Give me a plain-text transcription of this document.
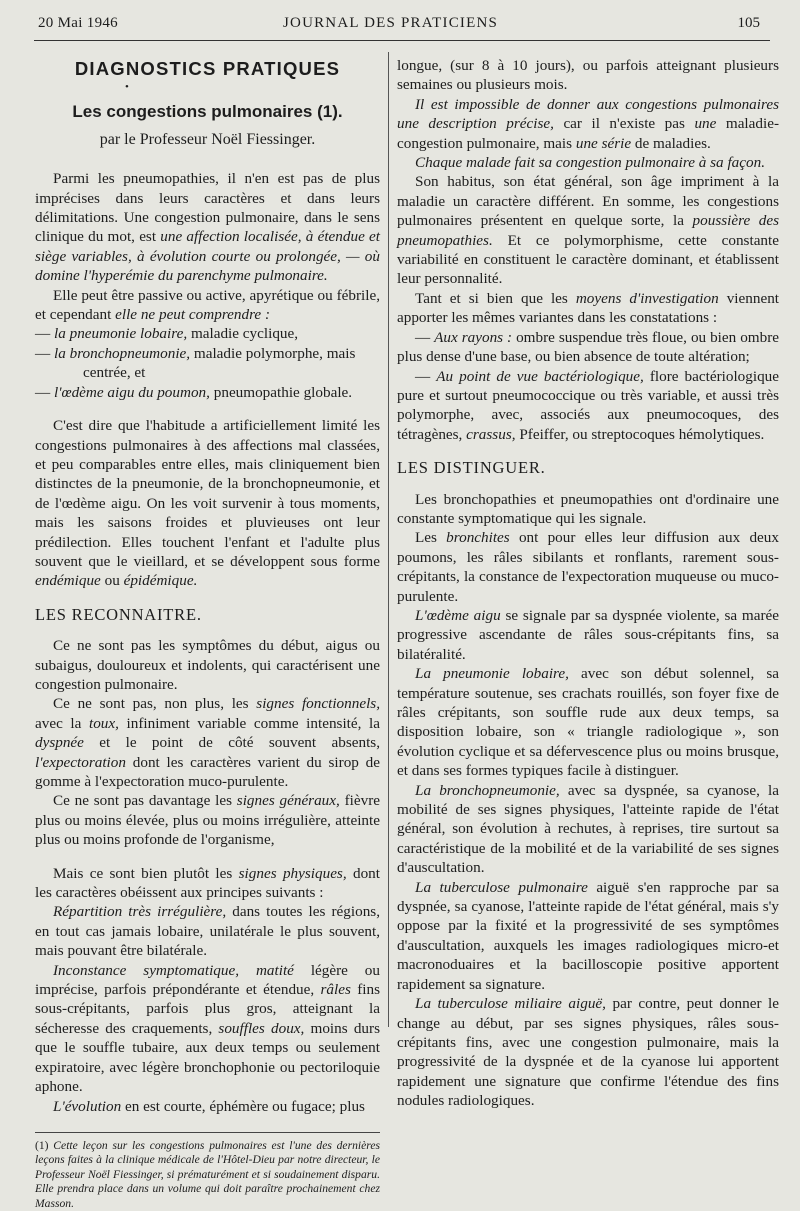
20 Mai 1946	JOURNAL DES PRATICIENS	105
DIAGNOSTICS PRATIQUES
•
Les congestions pulmonaires (1).
par le Professeur Noël Fiessinger.

Parmi les pneumopathies, il n'en est pas de plus imprécises dans leurs caractères et dans leurs délimitations. Une congestion pulmonaire, dans le sens clinique du mot, est une affection localisée, à étendue et siège variables, à évolution courte ou prolongée, — où domine l'hyperémie du parenchyme pulmonaire.

Elle peut être passive ou active, apyrétique ou fébrile, et cependant elle ne peut comprendre :

— la pneumonie lobaire, maladie cyclique,

— la bronchopneumonie, maladie polymorphe, mais

centrée, et

— l'œdème aigu du poumon, pneumopathie globale.

C'est dire que l'habitude a artificiellement limité les congestions pulmonaires à des affections mal classées, et peu comparables entre elles, mais cliniquement bien distinctes de la pneumonie, de la bronchopneumonie, et de l'œdème aigu. On les voit survenir à tous moments, mais les saisons froides et pluvieuses ont leur prédilection. Elles touchent l'enfant et l'adulte plus souvent que le vieillard, et se développent sous forme endémique ou épidémique.

LES RECONNAITRE.

Ce ne sont pas les symptômes du début, aigus ou subaigus, douloureux et indolents, qui caractérisent une congestion pulmonaire.

Ce ne sont pas, non plus, les signes fonctionnels, avec la toux, infiniment variable comme intensité, la dyspnée et le point de côté souvent absents, l'expectoration dont les caractères varient du sirop de gomme à l'expectoration muco-purulente.

Ce ne sont pas davantage les signes généraux, fièvre plus ou moins élevée, plus ou moins irrégulière, atteinte plus ou moins profonde de l'organisme,

Mais ce sont bien plutôt les signes physiques, dont les caractères obéissent aux principes suivants :

Répartition très irrégulière, dans toutes les régions, en tout cas jamais lobaire, unilatérale le plus souvent, mais pouvant être bilatérale.

Inconstance symptomatique, matité légère ou imprécise, parfois prépondérante et étendue, râles fins sous-crépitants, parfois plus gros, atteignant la sécheresse des craquements, souffles doux, moins durs que le souffle tubaire, aux deux temps ou seulement expiratoire, avec légère bronchophonie ou pectoriloquie aphone.

L'évolution en est courte, éphémère ou fugace; plus

(1) Cette leçon sur les congestions pulmonaires est l'une des dernières leçons faites à la clinique médicale de l'Hôtel-Dieu par notre directeur, le Professeur Noël Fiessinger, si prématurément et si soudainement disparu. Elle prendra place dans un volume qui doit paraître prochainement chez Masson.

longue, (sur 8 à 10 jours), ou parfois atteignant plusieurs semaines ou plusieurs mois.

Il est impossible de donner aux congestions pulmonaires une description précise, car il n'existe pas une maladie-congestion pulmonaire, mais une série de maladies.

Chaque malade fait sa congestion pulmonaire à sa façon.

Son habitus, son état général, son âge impriment à la maladie un caractère différent. En somme, les congestions pulmonaires présentent en quelque sorte, la poussière des pneumopathies. Et ce polymorphisme, cette constante variabilité en constituent le caractère dominant, et établissent leur personnalité.

Tant et si bien que les moyens d'investigation viennent apporter les mêmes variantes dans les constatations :

— Aux rayons : ombre suspendue très floue, ou bien ombre plus dense d'une base, ou bien absence de toute altération;

— Au point de vue bactériologique, flore bactériologique pure et surtout pneumococcique ou très variable, et aussi très polymorphe, avec, associés aux pneumocoques, des tétragènes, crassus, Pfeiffer, ou streptocoques hémolytiques.

LES DISTINGUER.

Les bronchopathies et pneumopathies ont d'ordinaire une constante symptomatique qui les signale.

Les bronchites ont pour elles leur diffusion aux deux poumons, les râles sibilants et ronflants, rarement sous-crépitants, la constance de l'expectoration muqueuse ou muco-purulente.

L'œdème aigu se signale par sa dyspnée violente, sa marée progressive ascendante de râles sous-crépitants fins, sa bilatéralité.

La pneumonie lobaire, avec son début solennel, sa température soutenue, ses crachats rouillés, son foyer fixe de râles crépitants, son souffle rude aux deux temps, sa disposition lobaire, son « triangle radiologique », son évolution cyclique et sa défervescence plus ou moins brusque, et dans ses formes typiques facile à distinguer.

La bronchopneumonie, avec sa dyspnée, sa cyanose, la mobilité de ses signes physiques, l'atteinte rapide de l'état général, son évolution à rechutes, à reprises, tire surtout sa caractéristique de la mobilité et de la variabilité de ses signes d'auscultation.

La tuberculose pulmonaire aiguë s'en rapproche par sa dyspnée, sa cyanose, l'atteinte rapide de l'état général, mais s'y oppose par la fixité et la progressivité de ses symptômes d'auscultation, auxquels les images radiologiques micro-et macronoduaires et la bacilloscopie positive apportent rapidement sa signature.

La tuberculose miliaire aiguë, par contre, peut donner le change au début, par ses signes physiques, râles sous-crépitants fins, avec une congestion pulmonaire, mais la progressivité de la dyspnée et de la cyanose lui apportent rapidement une signature que confirme l'étendue des fins nodules radiologiques.
